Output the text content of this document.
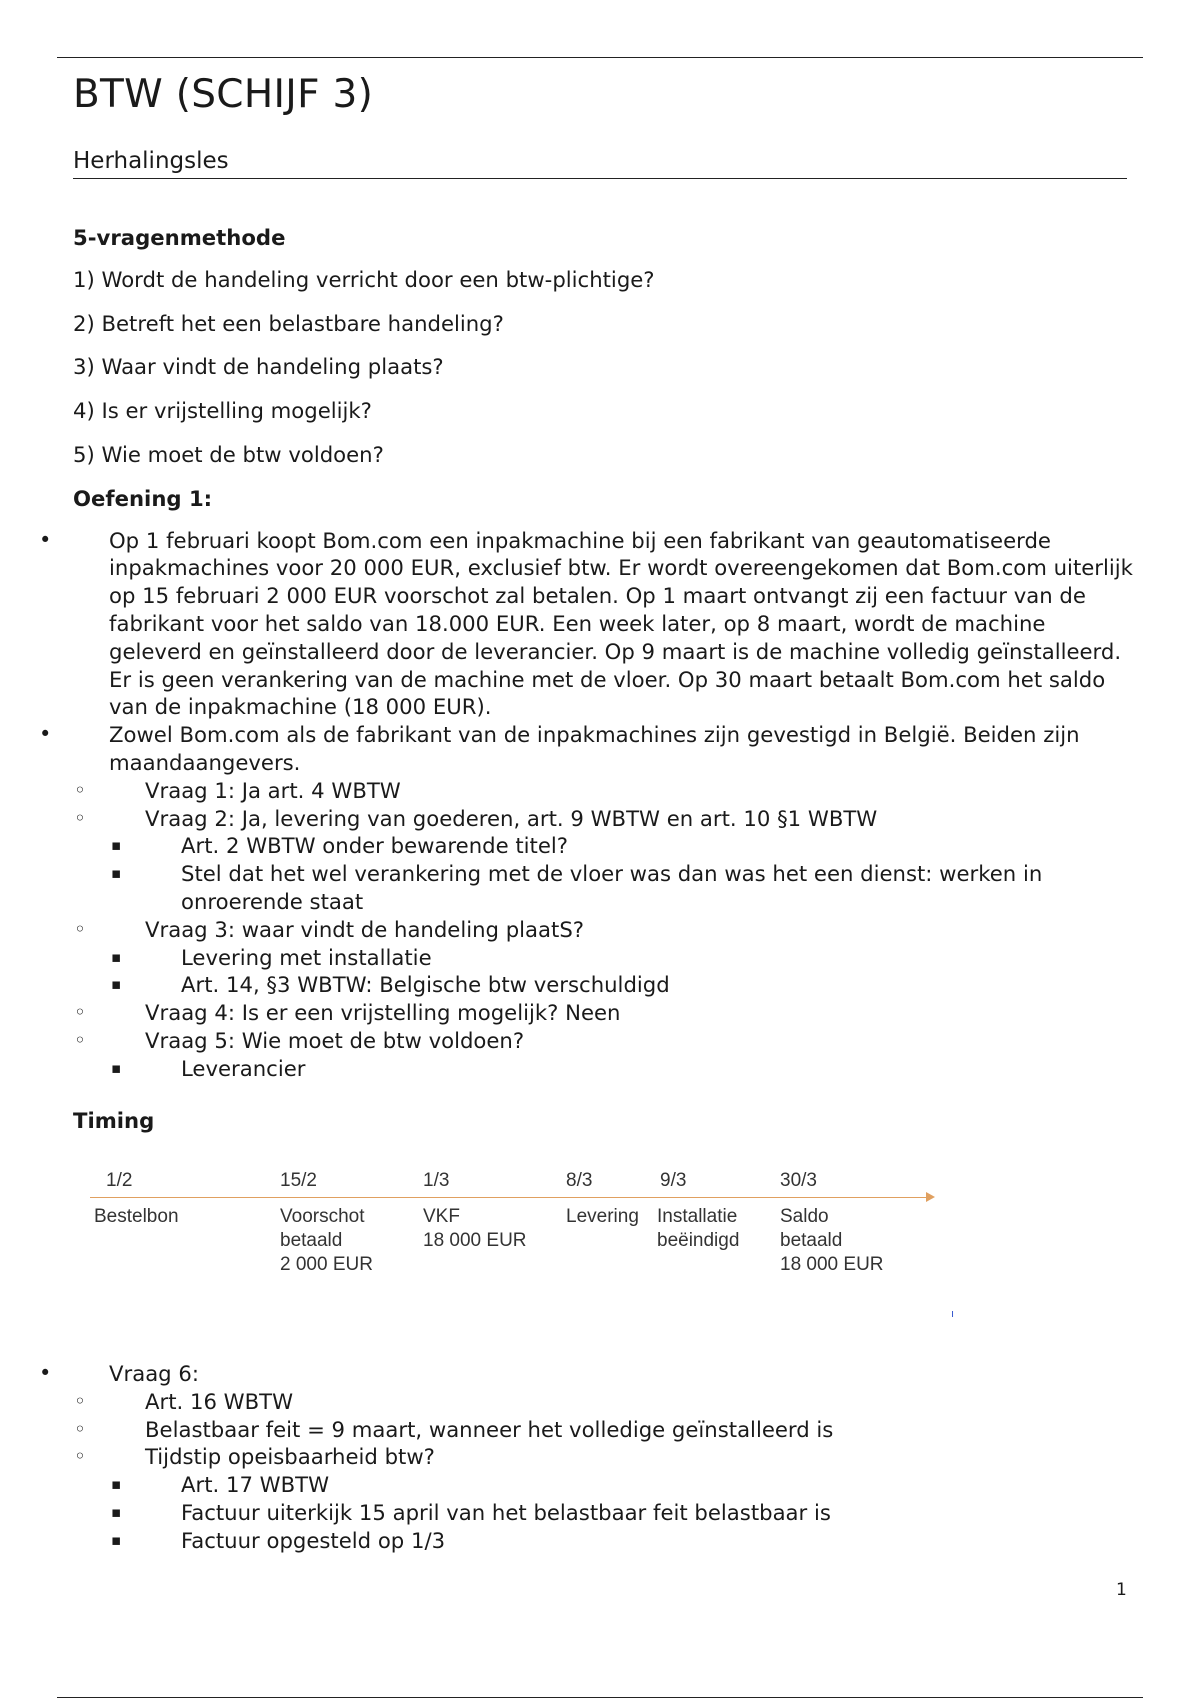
BTW (SCHIJF 3)

Herhalingsles

5-vragenmethode

1) Wordt de handeling verricht door een btw-plichtige?

2) Betreft het een belastbare handeling?

3) Waar vindt de handeling plaats?

4) Is er vrijstelling mogelijk?

5) Wie moet de btw voldoen?

Oefening 1:

• Op 1 februari koopt Bom.com een inpakmachine bij een fabrikant van geautomatiseerde inpakmachines voor 20 000 EUR, exclusief btw. Er wordt overeengekomen dat Bom.com uiterlijk op 15 februari 2 000 EUR voorschot zal betalen. Op 1 maart ontvangt zij een factuur van de fabrikant voor het saldo van 18.000 EUR. Een week later, op 8 maart, wordt de machine geleverd en geïnstalleerd door de leverancier. Op 9 maart is de machine volledig geïnstalleerd. Er is geen verankering van de machine met de vloer. Op 30 maart betaalt Bom.com het saldo van de inpakmachine (18 000 EUR).
• Zowel Bom.com als de fabrikant van de inpakmachines zijn gevestigd in België. Beiden zijn maandaangevers.
◦ Vraag 1: Ja art. 4 WBTW
◦ Vraag 2: Ja, levering van goederen, art. 9 WBTW en art. 10 §1 WBTW
▪ Art. 2 WBTW onder bewarende titel?
▪ Stel dat het wel verankering met de vloer was dan was het een dienst: werken in onroerende staat
◦ Vraag 3: waar vindt de handeling plaatS?
▪ Levering met installatie
▪ Art. 14, §3 WBTW: Belgische btw verschuldigd
◦ Vraag 4: Is er een vrijstelling mogelijk? Neen
◦ Vraag 5: Wie moet de btw voldoen?
▪ Leverancier
Timing
1/2
Bestelbon
15/2
Voorschot
betaald
2 000 EUR
1/3
VKF
18 000 EUR
8/3
Levering
9/3
Installatie
beëindigd
30/3
Saldo
betaald
18 000 EUR
ı
• Vraag 6:
◦ Art. 16 WBTW
◦ Belastbaar feit = 9 maart, wanneer het volledige geïnstalleerd is
◦ Tijdstip opeisbaarheid btw?
▪ Art. 17 WBTW
▪ Factuur uiterkijk 15 april van het belastbaar feit belastbaar is
▪ Factuur opgesteld op 1/3
1
